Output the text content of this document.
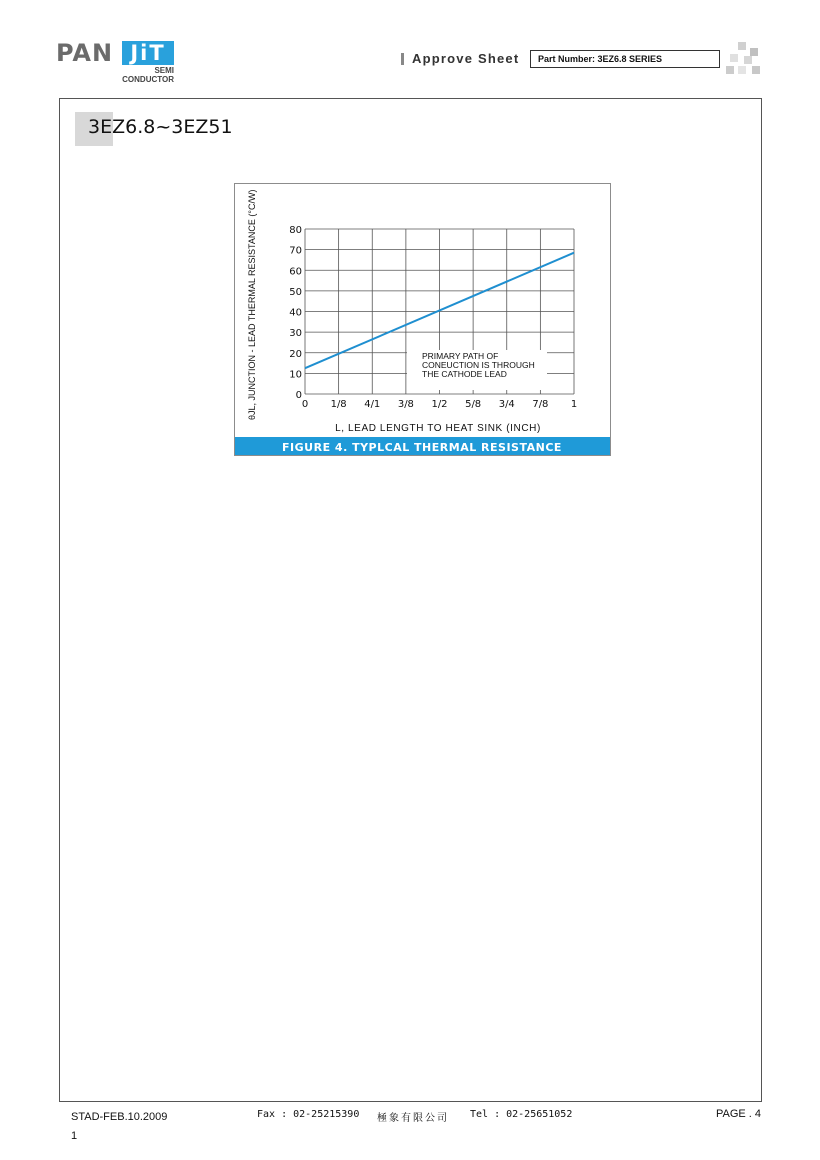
PAN JiT
SEMI
CONDUCTOR
Approve Sheet	Part Number: 3EZ6.8 SERIES
3EZ6.8~3EZ51
0
10
20
30
40
50
60
70
80
0 1/8 4/1 3/8 1/2 5/8 3/4 7/8 1
PRIMARY PATH OF
CONEUCTION IS THROUGH
THE CATHODE LEAD
θJL, JUNCTION - LEAD THERMAL RESISTANCE (°C/W)
L, LEAD LENGTH TO HEAT SINK (INCH)
FIGURE 4. TYPLCAL THERMAL RESISTANCE
STAD-FEB.10.2009
1
Fax : 02-25215390 極象有限公司 Tel : 02-25651052	PAGE . 4
